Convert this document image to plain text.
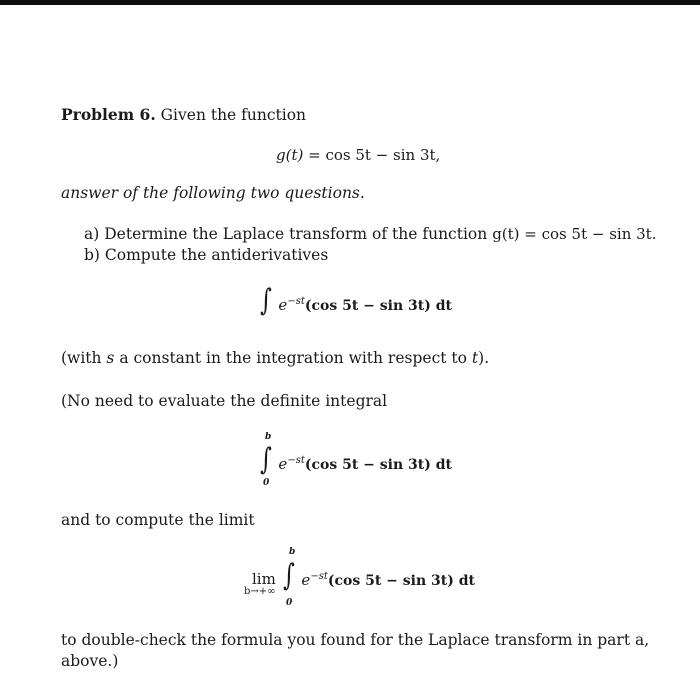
Problem 6. Given the function
g(t) = cos 5t − sin 3t,
answer of the following two questions.
a) Determine the Laplace transform of the function g(t) = cos 5t − sin 3t.
b) Compute the antiderivatives
∫ $e^{-st}(\cos$ 5t − sin 3t) dt
(with s a constant in the integration with respect to t).
(No need to evaluate the definite integral
b
∫ $e^{-st}(\cos$ 5t − sin 3t) dt
0
and to compute the limit
b
lim
b→+∞ ∫ $e^{-st}(\cos$ 5t − sin 3t) dt
0
to double-check the formula you found for the Laplace transform in part a,
above.)
